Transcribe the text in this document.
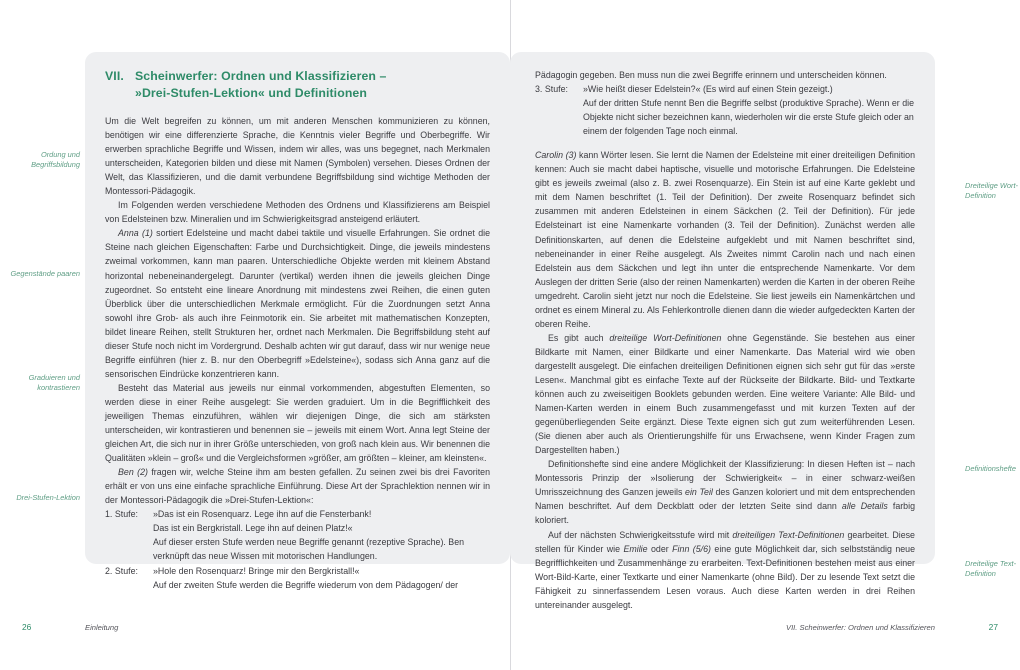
VII. Scheinwerfer: Ordnen und Klassifizieren –
»Drei-Stufen-Lektion« und Definitionen

Um die Welt begreifen zu können, um mit anderen Menschen kommunizieren zu können, benötigen wir eine differenzierte Sprache, die Kenntnis vieler Begriffe und Oberbegriffe. Wir erwerben sprachliche Begriffe und Wissen, indem wir alles, was uns begegnet, nach Merkmalen unterscheiden, Kategorien bilden und diese mit Namen (Symbolen) versehen. Dieses Ordnen der Welt, das Klassifizieren, und die damit verbundene Begriffsbildung sind wichtige Methoden der Montessori-Pädagogik.

Im Folgenden werden verschiedene Methoden des Ordnens und Klassifizierens am Beispiel von Edelsteinen bzw. Mineralien und im Schwierigkeitsgrad ansteigend erläutert.

Anna (1) sortiert Edelsteine und macht dabei taktile und visuelle Erfahrungen. Sie ordnet die Steine nach gleichen Eigenschaften: Farbe und Durchsichtigkeit. Dinge, die jeweils mindestens zweimal vorkommen, kann man paaren. Unterschiedliche Objekte werden mit kleinem Abstand horizontal nebeneinandergelegt. Darunter (vertikal) werden ihnen die jeweils gleichen Dinge zugeordnet. So entsteht eine lineare Anordnung mit mindestens zwei Reihen, die einen guten Überblick über die unterschiedlichen Merkmale ermöglicht. Für die Zuordnungen setzt Anna sowohl ihre Grob- als auch ihre Feinmotorik ein. Sie arbeitet mit mathematischen Konzepten, bildet lineare Reihen, stellt Strukturen her, ordnet nach Merkmalen. Die Begriffsbildung steht auf dieser Stufe noch nicht im Vordergrund. Deshalb achten wir gut darauf, dass wir nur wenige neue Begriffe einführen (hier z. B. nur den Oberbegriff »Edelsteine«), sodass sich Anna ganz auf die sensorischen Eindrücke konzentrieren kann.

Besteht das Material aus jeweils nur einmal vorkommenden, abgestuften Elementen, so werden diese in einer Reihe ausgelegt: Sie werden graduiert. Um in die Begrifflichkeit des jeweiligen Themas einzuführen, wählen wir diejenigen Dinge, die sich am stärksten unterscheiden, wir kontrastieren und benennen sie – jeweils mit einem Wort. Anna legt Steine der gleichen Art, die sich nur in ihrer Größe unterschieden, von groß nach klein aus. Wir benennen die Qualitäten »klein – groß« und die Vergleichsformen »größer, am größten – kleiner, am kleinsten«.

Ben (2) fragen wir, welche Steine ihm am besten gefallen. Zu seinen zwei bis drei Favoriten erhält er von uns eine einfache sprachliche Einführung. Diese Art der Sprachlektion nennen wir in der Montessori-Pädagogik die »Drei-Stufen-Lektion«:

1. Stufe:	»Das ist ein Rosenquarz. Lege ihn auf die Fensterbank!
Das ist ein Bergkristall. Lege ihn auf deinen Platz!«
Auf dieser ersten Stufe werden neue Begriffe genannt (rezeptive Sprache). Ben verknüpft das neue Wissen mit motorischen Handlungen.
2. Stufe:	»Hole den Rosenquarz! Bringe mir den Bergkristall!«
Auf der zweiten Stufe werden die Begriffe wiederum von dem Pädagogen/ der
Ordung und Begriffsbildung
Gegenstände paaren
Graduieren und kontrastieren
Drei-Stufen-Lektion
26	Einleitung

Pädagogin gegeben. Ben muss nun die zwei Begriffe erinnern und unterscheiden können.

3. Stufe:	»Wie heißt dieser Edelstein?« (Es wird auf einen Stein gezeigt.)
Auf der dritten Stufe nennt Ben die Begriffe selbst (produktive Sprache). Wenn er die Objekte nicht sicher bezeichnen kann, wiederholen wir die erste Stufe gleich oder an einem der folgenden Tage noch einmal.

Carolin (3) kann Wörter lesen. Sie lernt die Namen der Edelsteine mit einer dreiteiligen Definition kennen: Auch sie macht dabei haptische, visuelle und motorische Erfahrungen. Die Edelsteine gibt es jeweils zweimal (also z. B. zwei Rosenquarze). Ein Stein ist auf eine Karte geklebt und mit dem Namen beschriftet (1. Teil der Definition). Der zweite Rosenquarz befindet sich zusammen mit anderen Edelsteinen in einem Säckchen (2. Teil der Definition). Für jede Edelsteinart ist eine Namenkarte vorhanden (3. Teil der Definition). Zunächst werden alle Definitionskarten, auf denen die Edelsteine aufgeklebt und mit Namen beschriftet sind, nebeneinander in einer Reihe ausgelegt. Als Zweites nimmt Carolin nach und nach einen Edelstein aus dem Säckchen und legt ihn unter die entsprechende Namenkarte. Vor dem Auslegen der dritten Serie (also der reinen Namenkarten) werden die Karten in der oberen Reihe umgedreht. Carolin sieht jetzt nur noch die Edelsteine. Sie liest jeweils ein Namenkärtchen und ordnet es einem Mineral zu. Als Fehlerkontrolle dienen dann die wieder aufgedeckten Karten der oberen Reihe.

Es gibt auch dreiteilige Wort-Definitionen ohne Gegenstände. Sie bestehen aus einer Bildkarte mit Namen, einer Bildkarte und einer Namenkarte. Das Material wird wie oben dargestellt ausgelegt. Die einfachen dreiteiligen Definitionen eignen sich sehr gut für das »erste Lesen«. Manchmal gibt es einfache Texte auf der Rückseite der Bildkarte. Bild- und Textkarte können auch zu zweiseitigen Booklets gebunden werden. Eine weitere Variante: Alle Bild- und Namen-Karten werden in einem Buch zusammengefasst und mit kurzen Texten auf der gegenüberliegenden Seite ergänzt. Diese Texte eignen sich gut zum weiterführenden Lesen. (Sie dienen aber auch als Orientierungshilfe für uns Erwachsene, wenn Kinder Fragen zum Dargestellten haben.)

Definitionshefte sind eine andere Möglichkeit der Klassifizierung: In diesen Heften ist – nach Montessoris Prinzip der »Isolierung der Schwierigkeit« – in einer schwarz-weißen Umrisszeichnung des Ganzen jeweils ein Teil des Ganzen koloriert und mit dem entsprechenden Namen beschriftet. Auf dem Deckblatt oder der letzten Seite sind dann alle Details farbig koloriert.

Auf der nächsten Schwierigkeitsstufe wird mit dreiteiligen Text-Definitionen gearbeitet. Diese stellen für Kinder wie Emilie oder Finn (5/6) eine gute Möglichkeit dar, sich selbstständig neue Begrifflichkeiten und Zusammenhänge zu erarbeiten. Text-Definitionen bestehen meist aus einer Wort-Bild-Karte, einer Textkarte und einer Namenkarte (ohne Bild). Der zu lesende Text setzt die Fähigkeit zu sinnerfassendem Lesen voraus. Auch diese Karten werden in drei Reihen untereinander ausgelegt.

Dreiteilige Wort-Definition
Definitionshefte
Dreiteilige Text-Definition
27
VII. Scheinwerfer: Ordnen und Klassifizieren
